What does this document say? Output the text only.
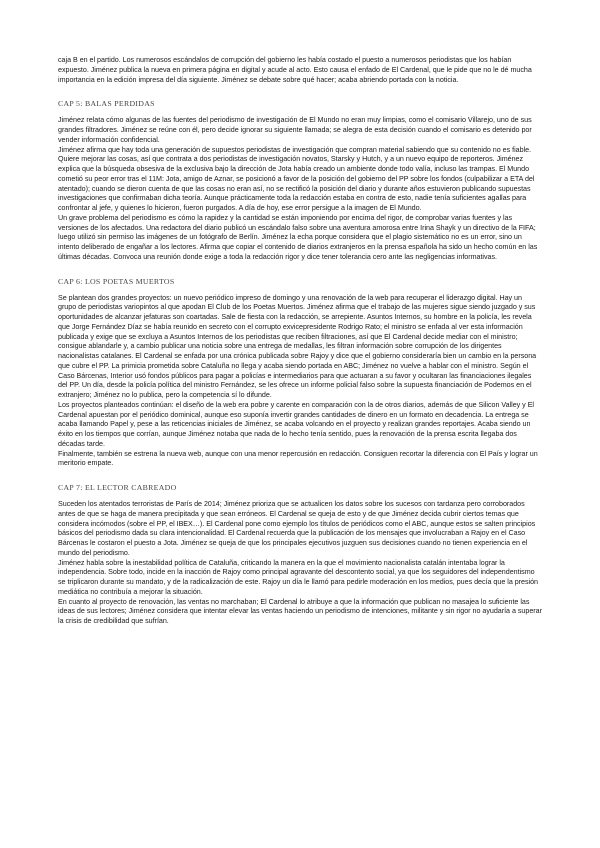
caja B en el partido. Los numerosos escándalos de corrupción del gobierno les había costado el puesto a numerosos periodistas que los habían expuesto. Jiménez publica la nueva en primera página en digital y acude al acto. Esto causa el enfado de El Cardenal, que le pide que no le dé mucha importancia en la edición impresa del día siguiente. Jiménez se debate sobre qué hacer; acaba abriendo portada con la noticia.

CAP 5: BALAS PERDIDAS

Jiménez relata cómo algunas de las fuentes del periodismo de investigación de El Mundo no eran muy limpias, como el comisario Villarejo, uno de sus grandes filtradores. Jiménez se reúne con él, pero decide ignorar su siguiente llamada; se alegra de esta decisión cuando el comisario es detenido por vender información confidencial.

Jiménez afirma que hay toda una generación de supuestos periodistas de investigación que compran material sabiendo que su contenido no es fiable. Quiere mejorar las cosas, así que contrata a dos periodistas de investigación novatos, Starsky y Hutch, y a un nuevo equipo de reporteros. Jiménez explica que la búsqueda obsesiva de la exclusiva bajo la dirección de Jota había creado un ambiente donde todo valía, incluso las trampas. El Mundo cometió su peor error tras el 11M: Jota, amigo de Aznar, se posicionó a favor de la posición del gobierno del PP sobre los fondos (culpabilizar a ETA del atentado); cuando se dieron cuenta de que las cosas no eran así, no se rectificó la posición del diario y durante años estuvieron publicando supuestas investigaciones que confirmaban dicha teoría. Aunque prácticamente toda la redacción estaba en contra de esto, nadie tenía suficientes agallas para confrontar al jefe, y quienes lo hicieron, fueron purgados. A día de hoy, ese error persigue a la imagen de El Mundo.

Un grave problema del periodismo es cómo la rapidez y la cantidad se están imponiendo por encima del rigor, de comprobar varias fuentes y las versiones de los afectados. Una redactora del diario publicó un escándalo falso sobre una aventura amorosa entre Irina Shayk y un directivo de la FIFA; luego utilizó sin permiso las imágenes de un fotógrafo de Berlín. Jiménez la echa porque considera que el plagio sistemático no es un error, sino un intento deliberado de engañar a los lectores. Afirma que copiar el contenido de diarios extranjeros en la prensa española ha sido un hecho común en las últimas décadas. Convoca una reunión donde exige a toda la redacción rigor y dice tener tolerancia cero ante las negligencias informativas.

CAP 6: LOS POETAS MUERTOS

Se plantean dos grandes proyectos: un nuevo periódico impreso de domingo y una renovación de la web para recuperar el liderazgo digital. Hay un grupo de periodistas variopintos al que apodan El Club de los Poetas Muertos. Jiménez afirma que el trabajo de las mujeres sigue siendo juzgado y sus oportunidades de alcanzar jefaturas son coartadas. Sale de fiesta con la redacción, se arrepiente. Asuntos Internos, su hombre en la policía, les revela que Jorge Fernández Díaz se había reunido en secreto con el corrupto exvicepresidente Rodrigo Rato; el ministro se enfada al ver esta información publicada y exige que se excluya a Asuntos Internos de los periodistas que reciben filtraciones, así que El Cardenal decide mediar con el ministro; consigue ablandarle y, a cambio publicar una noticia sobre una entrega de medallas, les filtran información sobre corrupción de los dirigentes nacionalistas catalanes. El Cardenal se enfada por una crónica publicada sobre Rajoy y dice que el gobierno consideraría bien un cambio en la persona que cubre el PP. La primicia prometida sobre Cataluña no llega y acaba siendo portada en ABC; Jiménez no vuelve a hablar con el ministro. Según el Caso Bárcenas, Interior usó fondos públicos para pagar a policías e intermediarios para que actuaran a su favor y ocultaran las financiaciones ilegales del PP. Un día, desde la policía política del ministro Fernández, se les ofrece un informe policial falso sobre la supuesta financiación de Podemos en el extranjero; Jiménez no lo publica, pero la competencia sí lo difunde.

Los proyectos planteados continúan: el diseño de la web era pobre y carente en comparación con la de otros diarios, además de que Silicon Valley y El Cardenal apuestan por el periódico dominical, aunque eso suponía invertir grandes cantidades de dinero en un formato en decadencia. La entrega se acaba llamando Papel y, pese a las reticencias iniciales de Jiménez, se acaba volcando en el proyecto y realizan grandes reportajes. Acaba siendo un éxito en los tiempos que corrían, aunque Jiménez notaba que nada de lo hecho tenía sentido, pues la renovación de la prensa escrita llegaba dos décadas tarde.

Finalmente, también se estrena la nueva web, aunque con una menor repercusión en redacción. Consiguen recortar la diferencia con El País y lograr un meritorio empate.

CAP 7: EL LECTOR CABREADO

Suceden los atentados terroristas de París de 2014; Jiménez prioriza que se actualicen los datos sobre los sucesos con tardanza pero corroborados antes de que se haga de manera precipitada y que sean erróneos. El Cardenal se queja de esto y de que Jiménez decida cubrir ciertos temas que considera incómodos (sobre el PP, el IBEX…). El Cardenal pone como ejemplo los títulos de periódicos como el ABC, aunque estos se salten principios básicos del periodismo dada su clara intencionalidad. El Cardenal recuerda que la publicación de los mensajes que involucraban a Rajoy en el Caso Bárcenas le costaron el puesto a Jota. Jiménez se queja de que los principales ejecutivos juzguen sus decisiones cuando no tienen experiencia en el mundo del periodismo.

Jiménez habla sobre la inestabilidad política de Cataluña, criticando la manera en la que el movimiento nacionalista catalán intentaba lograr la independencia. Sobre todo, incide en la inacción de Rajoy como principal agravante del descontento social, ya que los seguidores del independentismo se triplicaron durante su mandato, y de la radicalización de este. Rajoy un día le llamó para pedirle moderación en los medios, pues decía que la presión mediática no contribuía a mejorar la situación.

En cuanto al proyecto de renovación, las ventas no marchaban; El Cardenal lo atribuye a que la información que publican no masajea lo suficiente las ideas de sus lectores; Jiménez considera que intentar elevar las ventas haciendo un periodismo de intenciones, militante y sin rigor no ayudaría a superar la crisis de credibilidad que sufrían.
